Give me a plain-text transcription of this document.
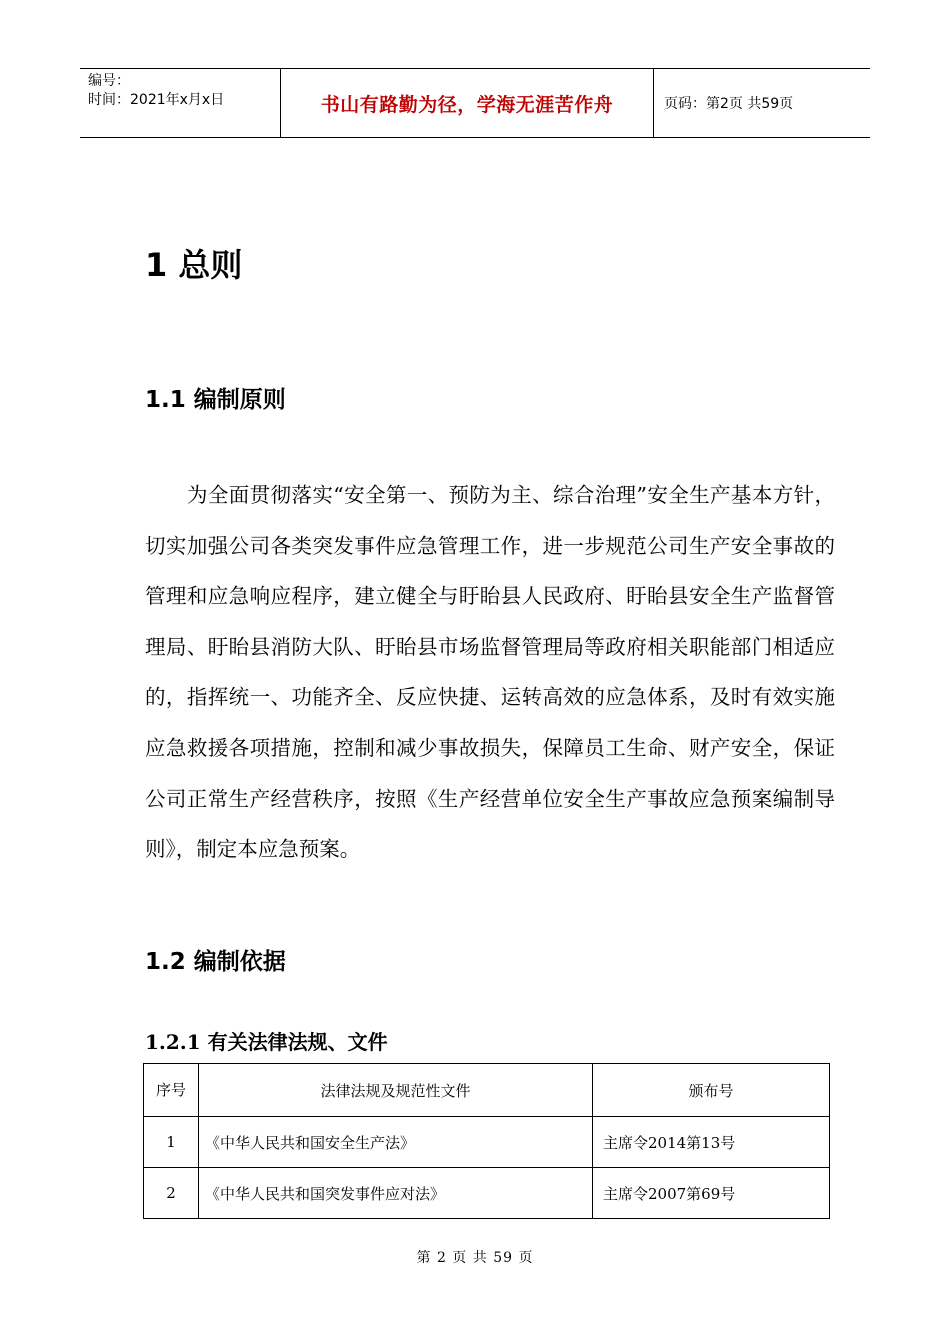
编号：
时间：2021年x月x日	书山有路勤为径，学海无涯苦作舟	页码：第2页 共59页
1 总则
1.1 编制原则

为全面贯彻落实“安全第一、预防为主、综合治理”安全生产基本方针，切实加强公司各类突发事件应急管理工作，进一步规范公司生产安全事故的管理和应急响应程序，建立健全与盱眙县人民政府、盱眙县安全生产监督管理局、盱眙县消防大队、盱眙县市场监督管理局等政府相关职能部门相适应的，指挥统一、功能齐全、反应快捷、运转高效的应急体系，及时有效实施应急救援各项措施，控制和减少事故损失，保障员工生命、财产安全，保证公司正常生产经营秩序，按照《生产经营单位安全生产事故应急预案编制导则》，制定本应急预案。

1.2 编制依据
1.2.1 有关法律法规、文件
序号	法律法规及规范性文件	颁布号
1	《中华人民共和国安全生产法》	主席令2014第13号
2	《中华人民共和国突发事件应对法》	主席令2007第69号
第 2 页 共 59 页
